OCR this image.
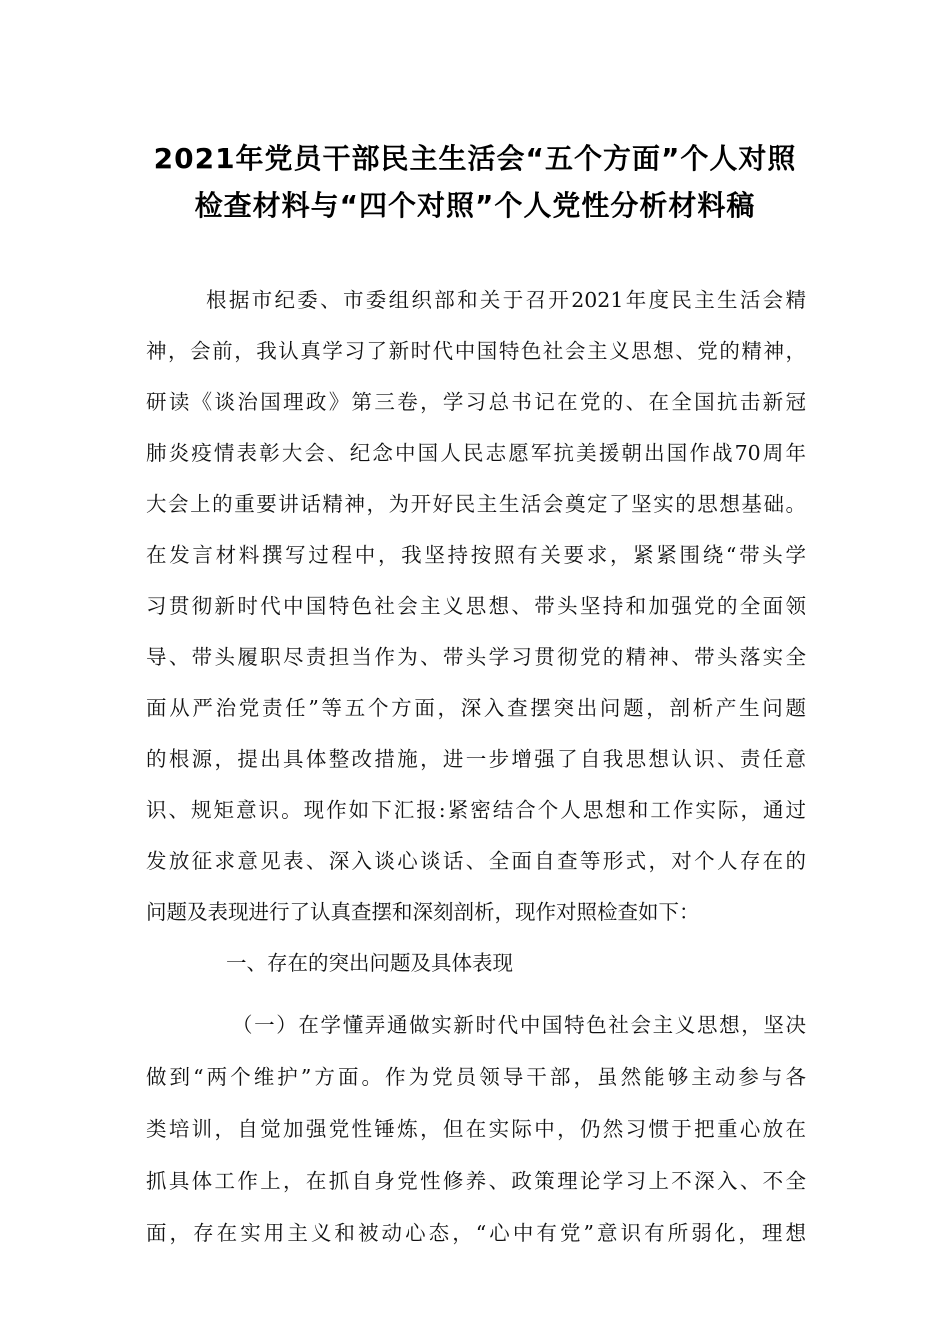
2021年党员干部民主生活会“五个方面”个人对照
检查材料与“四个对照”个人党性分析材料稿
根据市纪委、市委组织部和关于召开2021年度民主生活会精
神，会前，我认真学习了新时代中国特色社会主义思想、党的精神，
研读《谈治国理政》第三卷，学习总书记在党的、在全国抗击新冠
肺炎疫情表彰大会、纪念中国人民志愿军抗美援朝出国作战70周年
大会上的重要讲话精神，为开好民主生活会奠定了坚实的思想基础。
在发言材料撰写过程中，我坚持按照有关要求，紧紧围绕“带头学
习贯彻新时代中国特色社会主义思想、带头坚持和加强党的全面领
导、带头履职尽责担当作为、带头学习贯彻党的精神、带头落实全
面从严治党责任”等五个方面，深入查摆突出问题，剖析产生问题
的根源，提出具体整改措施，进一步增强了自我思想认识、责任意
识、规矩意识。现作如下汇报:紧密结合个人思想和工作实际，通过
发放征求意见表、深入谈心谈话、全面自查等形式，对个人存在的
问题及表现进行了认真查摆和深刻剖析，现作对照检查如下：
一、存在的突出问题及具体表现
（一）在学懂弄通做实新时代中国特色社会主义思想，坚决
做到“两个维护”方面。作为党员领导干部，虽然能够主动参与各
类培训，自觉加强党性锤炼，但在实际中，仍然习惯于把重心放在
抓具体工作上，在抓自身党性修养、政策理论学习上不深入、不全
面，存在实用主义和被动心态，“心中有党”意识有所弱化，理想
